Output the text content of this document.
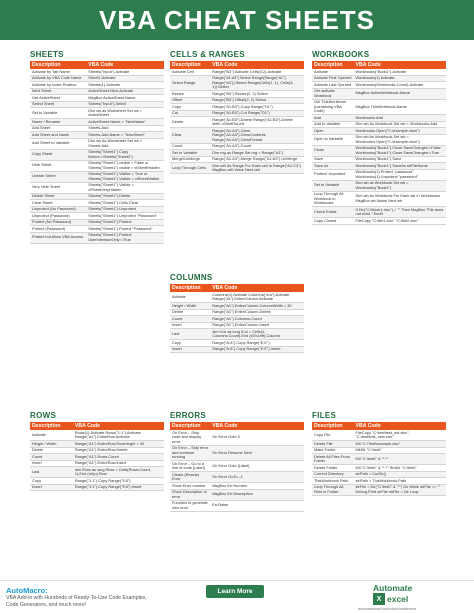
VBA CHEAT SHEETS
SHEETS
Description	VBA Code
Activate by Tab Name	Sheets("Input").Activate
Activate by VBA Code Name	Sheet1.Activate
Activate by Index Position	Sheets(1).Activate
Next Sheet	ActiveSheet.Next.Activate
Get ActiveSheet	MsgBox ActiveSheet.Name
Select Sheet	Sheets("Input").Select
Set to Variable	Dim ws as Worksheet Set ws = ActiveSheet
Name / Rename	ActiveSheet.Name = "NewName"
Add Sheet	Sheets.Add
Add Sheet and Name	Sheets.Add.Name = "NewSheet"
Add Sheet to Variable	Dim ws As Worksheet Set ws = Sheets.Add
Copy Sheet	Sheets("Sheet1").Copy Before:=Sheets("Sheet2")
Hide Sheet	Sheets("Sheet1").visible = False or Sheets("Sheet1").visible = xlSheetHidden
Unhide Sheet	Sheets("Sheet1").Visible = True or Sheets("Sheet1").Visible = xlSheetVisible
Very Hide Sheet	Sheets("Sheet1").Visible = xlSheetVeryHidden
Delete Sheet	Sheets("Sheet1").Delete
Clear Sheet	Sheets("Sheet1").Cells.Clear
Unprotect (No Password)	Sheets("Sheet1").Unprotect
Unprotect (Password)	Sheets("Sheet1").Unprotect "Password"
Protect (No Password)	Sheets("Sheet1").Protect
Protect (Password)	Sheets("Sheet1").Protect "Password"
Protect but Allow VBA Access	Sheets("Sheet1").Protect UserInterfaceOnly:=True
CELLS & RANGES
Description	VBA Code
Activate Cell	Range("B3").Activate Cells(3,2).Activate
Select Range	Range("a1:a3").Select Range(Range("a1"), Range("a3")).Select Range(Cells(1, 1), Cells(3, 1)).Select
Resize	Range("B3").Resize(2, 2).Select
Offset	Range("B3").Offset(2, 2).Select
Copy	Range("A1:B3").Copy Range("D1")
Cut	Range("A1:B3").Cut Range("D1")
Delete	Range("A1:B3").Delete Range("A1:B3").Delete shift:=xlShiftToLeft
Clear	Range("A1:A3").Clear Range("A1:A3").ClearContents Range("A1:A3").ClearFormat
Count	Range("A1:A3").Count
Set to Variable	Dim rng as Range Set rng = Range("A1")
Merge/UnMerge	Range("A1:A3").Merge Range("A1:A3").UnMerge
Loop Through Cells	Dim cell As Range For Each cell In Range("A1:C3") MsgBox cell.Value Next cell
COLUMNS
Description	VBA Code
Activate	Columns(1).Activate Columns("a:a").Activate Range("a1").EntireColumn.Activate
Height / Width	Range("A1").EntireColumn.ColumnWidth = 30
Delete	Range("A1").EntireColumn.Delete
Count	Range("A1").Columns.Count
Insert	Range("A1").EntireColumn.Insert
Last	dim lCol as long lCol = Cells(1, Columns.Count).End (xlToLeft).Column
Copy	Range("A:A").Copy Range("E:E")
Insert	Range("A:A").Copy Range("E:E").Insert
WORKBOOKS
Description	VBA Code
Activate	Workbooks("Book1").Activate
Activate First Opened	Workbooks(1).Activate
Activate Last Opened	Workbooks(Workbooks.Count).Activate
Get activate Workbook	MsgBox ActiveWorkbook.Name
Get ThisWorkbook (containing VBA Code)	MsgBox ThisWorkbook.Name
Add	Workbooks.Add
Add to Variable	Dim wb As Workbook Set wb = Workbooks.Add
Open	Workbooks.Open("C:\example.xlsm")
Open to Variable	Dim wb As Workbook Set wb = Workbooks.Open("C:\example.xlsm")
Close	Workbooks("Book1").Close SaveChanges:=False Workbooks("Book1").Close SaveChanges:=True
Save	Workbooks("Book1").Save
Save As	Workbooks("Book1").SaveAs strFileName
Protect/ Unprotect	Workbooks(1).Protect "password" Workbooks(1).Unprotect "password"
Set to Variable	Dim wb as Workbook Set wb = Workbooks("Book1")
Loop Through All Workbook in Workbooks	Dim wb As Workbook For Each wb In Workbooks MsgBox wb.Name Next wb
Check Exists	If Dir("C:\Book1.xlsx") = "" Then MsgBox "File does not exist." EndIf
Copy Closed	FileCopy "C:\file1.xlsx","C:\file2.xlsx"
ROWS
Description	VBA Code
Activate	Rows(1).Activate Rows("1:1").Activate Range("a1").EntireRow.Activate
Height / Width	Range("A1").EntireRow.RowHeight = 30
Delete	Range("A1").EntireRow.Delete
Count	Range("A1").Rows.Count
Insert	Range("A1").EntireRow.Insert
Last	dim lRow as long lRow = Cells(Rows.Count, 1).End (xlUp).Row
Copy	Range("1:1").Copy Range("5:5")
Insert	Range("1:1").Copy Range("5:5").Insert
ERRORS
Description	VBA Code
On Error – Stop code and display error	On Error Goto 0
On Error – Skip error and continue running	On Error Resume Next
On Error – Go to a line of code [Label]	On Error Goto [Label]
Clears (Resets) Error	On Error GoTo –1
Show Error number	MsgBox Err.Number
Show Description of error	MsgBox Err.Description
Function to generate own error	Err.Raise
FILES
Description	VBA Code
Copy File	FileCopy "C:\test\test_old.xlsx", "C:\test\test_new.xlsx"
Delete File	Kill "C:\Test\example.xlsx"
Make Folder	MkDir "C:\test\"
Delete All Files From Folder	Kill "C:\test\" & "*.*"
Delete Folder	Kill "C:\test\" & "*.*" RmDir "C:\test\"
Current Directory	strPath = CurDir()
ThisWorkbook Path	strPath = ThisWorkbook.Path
Loop Through All Files in Folder	strFile = Dir("C:\test\" & "*") Do While strFile <> "" Debug.Print strFile strFile = Dir Loop
AutoMacro:
VBA Add-in with Hundreds of Ready-To-Use Code Examples,
Code Generators, and much more!
Learn More	Automate
X excel
automateexcel.com/vba/cheatsheets
